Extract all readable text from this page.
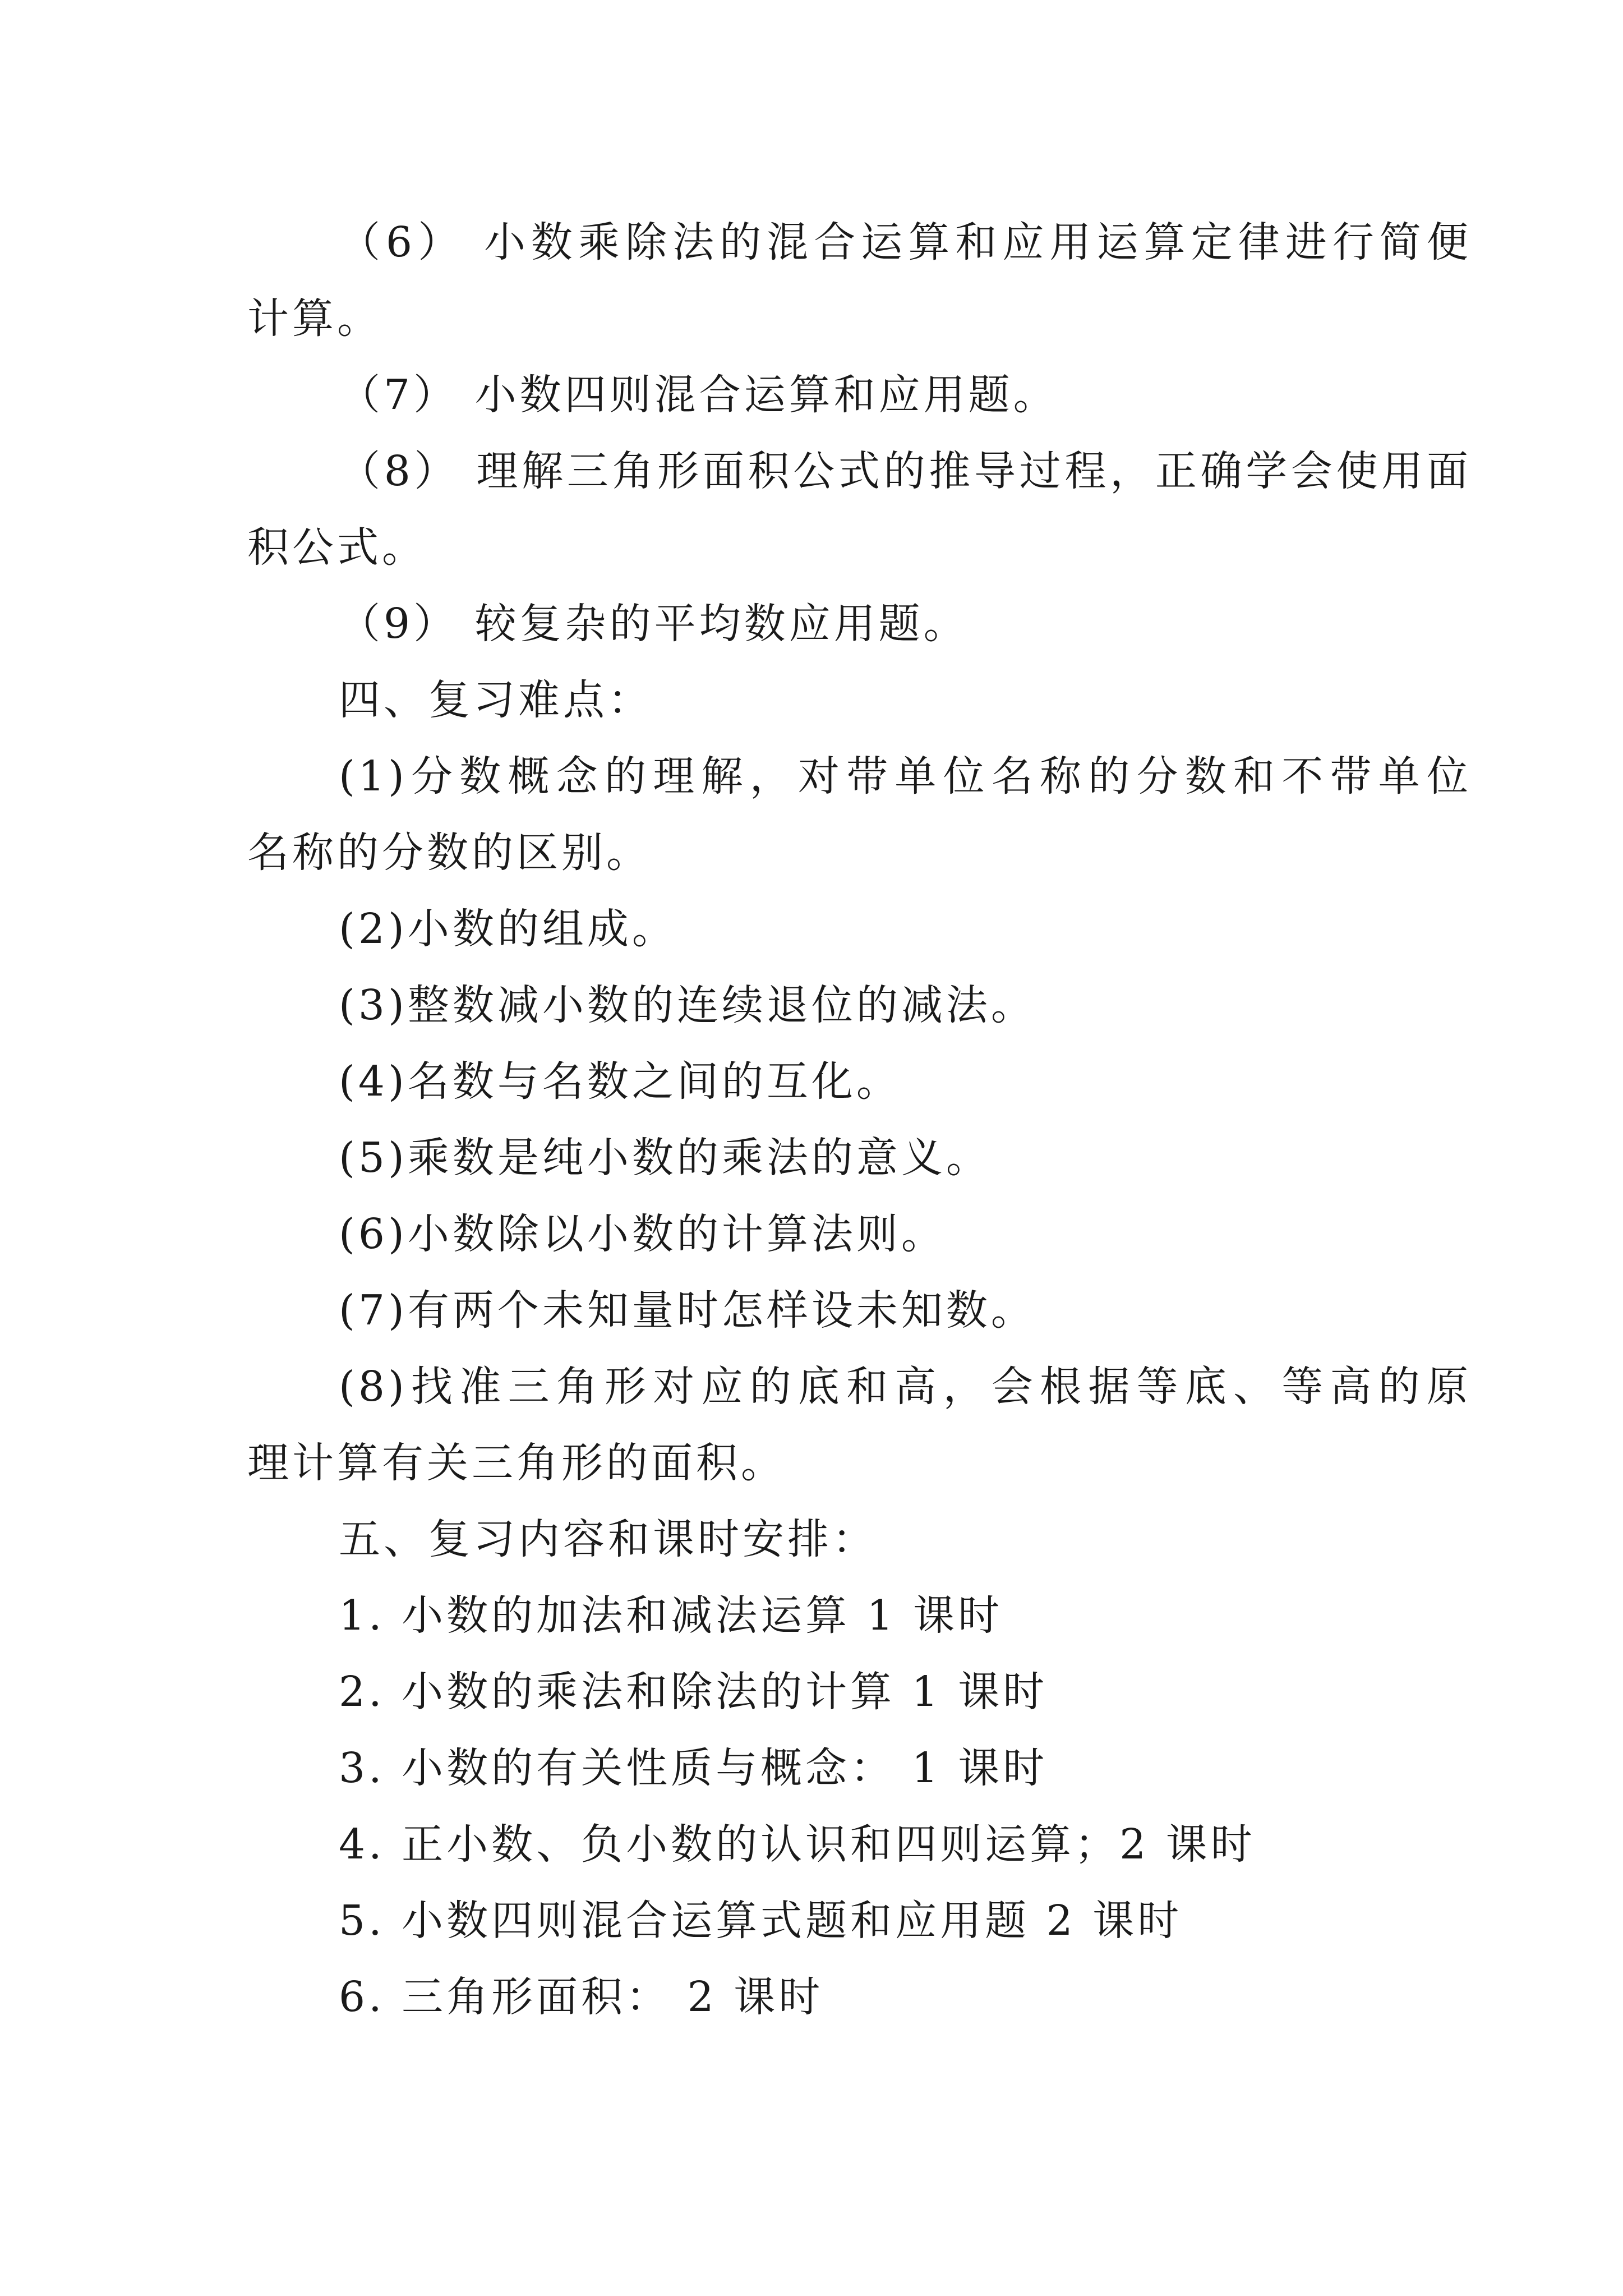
（6） 小数乘除法的混合运算和应用运算定律进行简便

计算。

（7） 小数四则混合运算和应用题。

（8） 理解三角形面积公式的推导过程，正确学会使用面

积公式。

（9） 较复杂的平均数应用题。

四、复习难点：

(1)分数概念的理解，对带单位名称的分数和不带单位

名称的分数的区别。

(2)小数的组成。

(3)整数减小数的连续退位的减法。

(4)名数与名数之间的互化。

(5)乘数是纯小数的乘法的意义。

(6)小数除以小数的计算法则。

(7)有两个未知量时怎样设未知数。

(8)找准三角形对应的底和高，会根据等底、等高的原

理计算有关三角形的面积。

五、复习内容和课时安排：

1. 小数的加法和减法运算 1 课时

2. 小数的乘法和除法的计算 1 课时

3. 小数的有关性质与概念： 1 课时

4. 正小数、负小数的认识和四则运算；2 课时

5. 小数四则混合运算式题和应用题 2 课时

6. 三角形面积： 2 课时
